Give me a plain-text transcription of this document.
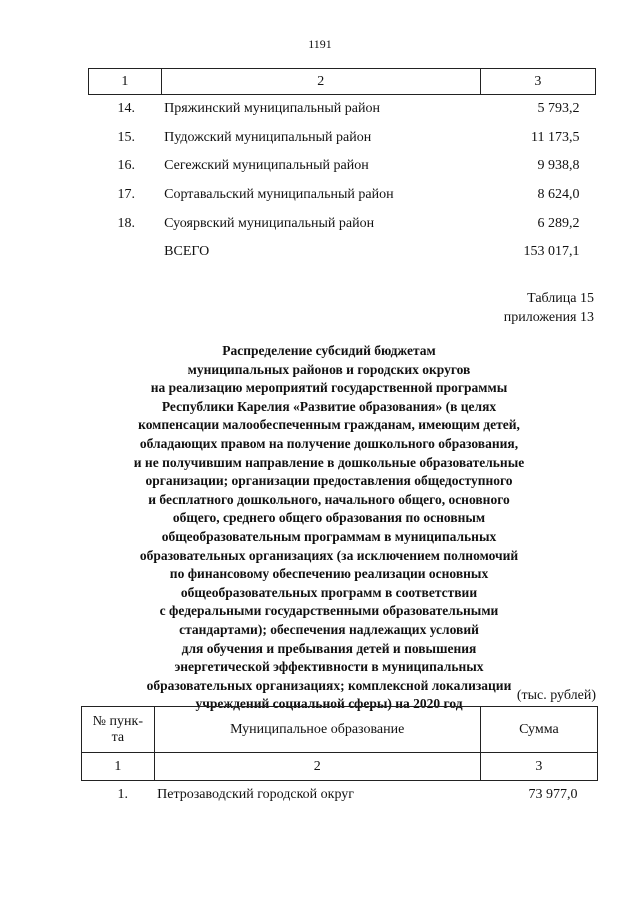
1191
1	2	3
14.	Пряжинский муниципальный район	5 793,2
15.	Пудожский муниципальный район	11 173,5
16.	Сегежский муниципальный район	9 938,8
17.	Сортавальский муниципальный район	8 624,0
18.	Суоярвский муниципальный район	6 289,2
	ВСЕГО	153 017,1
Таблица 15
приложения 13
Распределение субсидий бюджетам
муниципальных районов и городских округов
на реализацию мероприятий государственной программы
Республики Карелия «Развитие образования» (в целях
компенсации малообеспеченным гражданам, имеющим детей,
обладающих правом на получение дошкольного образования,
и не получившим направление в дошкольные образовательные
организации; организации предоставления общедоступного
и бесплатного дошкольного, начального общего, основного
общего, среднего общего образования по основным
общеобразовательным программам в муниципальных
образовательных организациях (за исключением полномочий
по финансовому обеспечению реализации основных
общеобразовательных программ в соответствии
с федеральными государственными образовательными
стандартами); обеспечения надлежащих условий
для обучения и пребывания детей и повышения
энергетической эффективности в муниципальных
образовательных организациях; комплексной локализации
учреждений социальной сферы) на 2020 год
(тыс. рублей)
№ пунк-
та	Муниципальное образование	Сумма
1	2	3
1.	Петрозаводский городской округ	73 977,0
